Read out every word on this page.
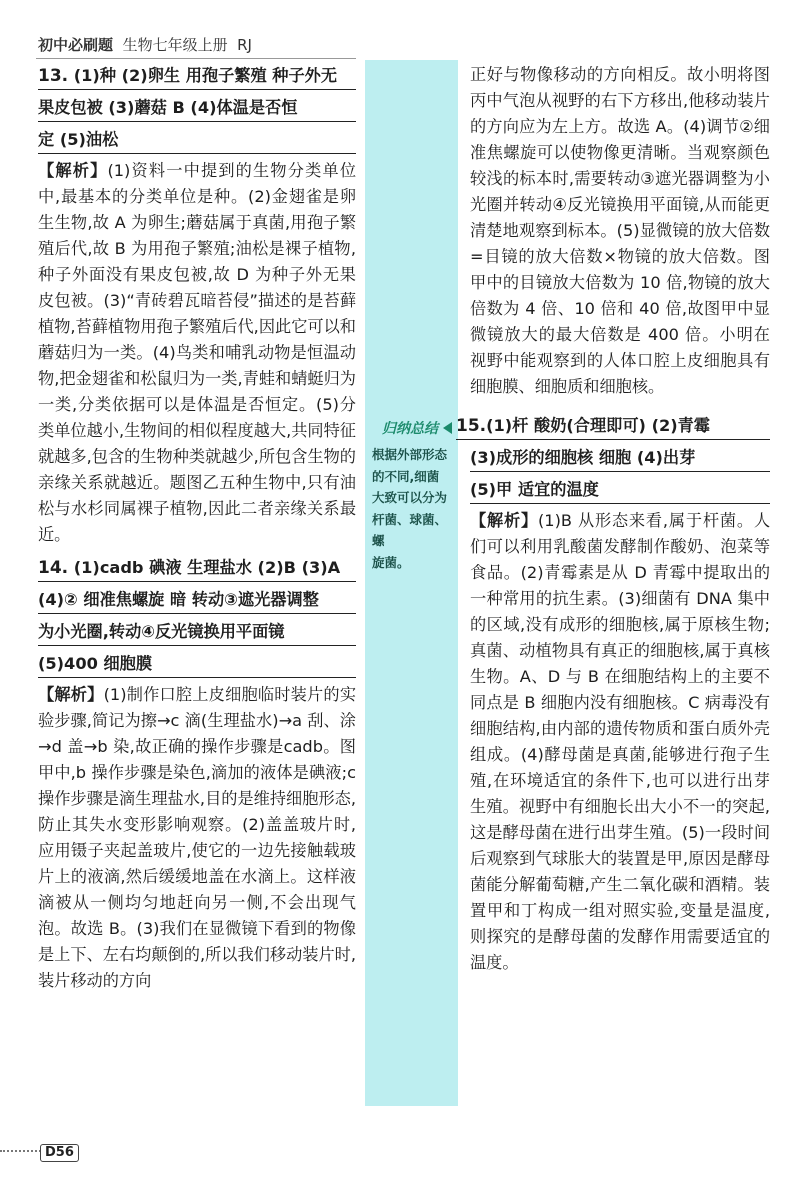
初中必刷题 生物七年级上册 RJ
13. (1)种 (2)卵生 用孢子繁殖 种子外无
果皮包被 (3)蘑菇 B (4)体温是否恒
定 (5)油松
【解析】(1)资料一中提到的生物分类单位中,最基本的分类单位是种。(2)金翅雀是卵生生物,故 A 为卵生;蘑菇属于真菌,用孢子繁殖后代,故 B 为用孢子繁殖;油松是裸子植物,种子外面没有果皮包被,故 D 为种子外无果皮包被。(3)“青砖碧瓦暗苔侵”描述的是苔藓植物,苔藓植物用孢子繁殖后代,因此它可以和蘑菇归为一类。(4)鸟类和哺乳动物是恒温动物,把金翅雀和松鼠归为一类,青蛙和蜻蜓归为一类,分类依据可以是体温是否恒定。(5)分类单位越小,生物间的相似程度越大,共同特征就越多,包含的生物种类就越少,所包含生物的亲缘关系就越近。题图乙五种生物中,只有油松与水杉同属裸子植物,因此二者亲缘关系最近。
14. (1)cadb 碘液 生理盐水 (2)B (3)A
(4)② 细准焦螺旋 暗 转动③遮光器调整
为小光圈,转动④反光镜换用平面镜
(5)400 细胞膜
【解析】(1)制作口腔上皮细胞临时装片的实验步骤,简记为擦→c 滴(生理盐水)→a 刮、涂→d 盖→b 染,故正确的操作步骤是cadb。图甲中,b 操作步骤是染色,滴加的液体是碘液;c 操作步骤是滴生理盐水,目的是维持细胞形态,防止其失水变形影响观察。(2)盖盖玻片时,应用镊子夹起盖玻片,使它的一边先接触载玻片上的液滴,然后缓缓地盖在水滴上。这样液滴被从一侧均匀地赶向另一侧,不会出现气泡。故选 B。(3)我们在显微镜下看到的物像是上下、左右均颠倒的,所以我们移动装片时,装片移动的方向
归纳总结
根据外部形态
的不同,细菌
大致可以分为
杆菌、球菌、螺
旋菌。
正好与物像移动的方向相反。故小明将图丙中气泡从视野的右下方移出,他移动装片的方向应为左上方。故选 A。(4)调节②细准焦螺旋可以使物像更清晰。当观察颜色较浅的标本时,需要转动③遮光器调整为小光圈并转动④反光镜换用平面镜,从而能更清楚地观察到标本。(5)显微镜的放大倍数=目镜的放大倍数×物镜的放大倍数。图甲中的目镜放大倍数为 10 倍,物镜的放大倍数为 4 倍、10 倍和 40 倍,故图甲中显微镜放大的最大倍数是 400 倍。小明在视野中能观察到的人体口腔上皮细胞具有细胞膜、细胞质和细胞核。
15.(1)杆 酸奶(合理即可) (2)青霉
(3)成形的细胞核 细胞 (4)出芽
(5)甲 适宜的温度
【解析】(1)B 从形态来看,属于杆菌。人们可以利用乳酸菌发酵制作酸奶、泡菜等食品。(2)青霉素是从 D 青霉中提取出的一种常用的抗生素。(3)细菌有 DNA 集中的区域,没有成形的细胞核,属于原核生物;真菌、动植物具有真正的细胞核,属于真核生物。A、D 与 B 在细胞结构上的主要不同点是 B 细胞内没有细胞核。C 病毒没有细胞结构,由内部的遗传物质和蛋白质外壳组成。(4)酵母菌是真菌,能够进行孢子生殖,在环境适宜的条件下,也可以进行出芽生殖。视野中有细胞长出大小不一的突起,这是酵母菌在进行出芽生殖。(5)一段时间后观察到气球胀大的装置是甲,原因是酵母菌能分解葡萄糖,产生二氧化碳和酒精。装置甲和丁构成一组对照实验,变量是温度,则探究的是酵母菌的发酵作用需要适宜的温度。
D56
